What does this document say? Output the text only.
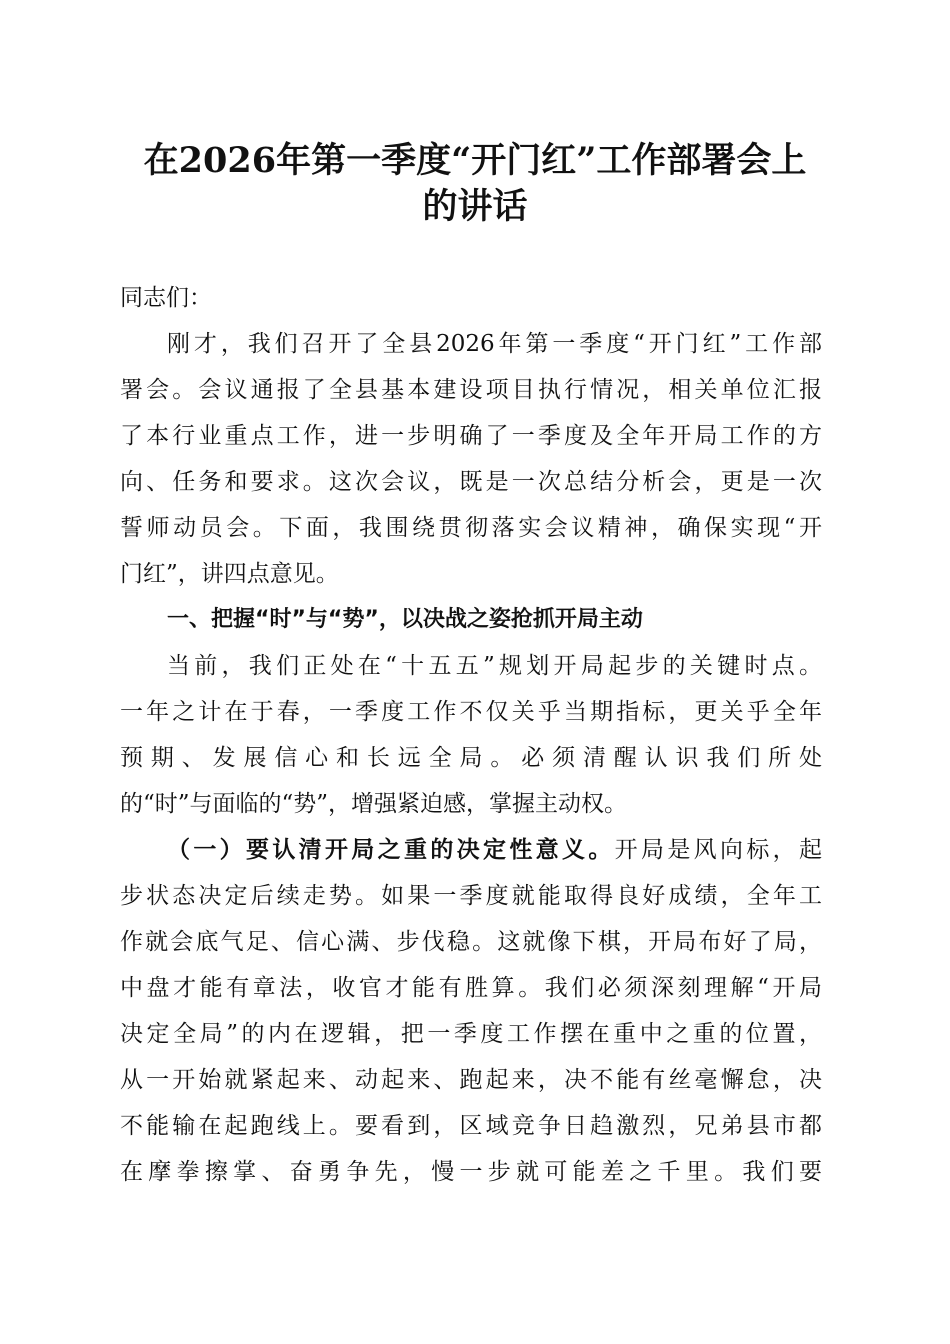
在2026年第一季度“开门红”工作部署会上
的讲话

同志们：

刚才，我们召开了全县2026年第一季度“开门红”工作部

署会。会议通报了全县基本建设项目执行情况，相关单位汇报

了本行业重点工作，进一步明确了一季度及全年开局工作的方

向、任务和要求。这次会议，既是一次总结分析会，更是一次

誓师动员会。下面，我围绕贯彻落实会议精神，确保实现“开

门红”，讲四点意见。

一、把握“时”与“势”，以决战之姿抢抓开局主动

当前，我们正处在“十五五”规划开局起步的关键时点。

一年之计在于春，一季度工作不仅关乎当期指标，更关乎全年

预期、发展信心和长远全局。必须清醒认识我们所处

的“时”与面临的“势”，增强紧迫感，掌握主动权。

（一）要认清开局之重的决定性意义。开局是风向标，起

步状态决定后续走势。如果一季度就能取得良好成绩，全年工

作就会底气足、信心满、步伐稳。这就像下棋，开局布好了局，

中盘才能有章法，收官才能有胜算。我们必须深刻理解“开局

决定全局”的内在逻辑，把一季度工作摆在重中之重的位置，

从一开始就紧起来、动起来、跑起来，决不能有丝毫懈怠，决

不能输在起跑线上。要看到，区域竞争日趋激烈，兄弟县市都

在摩拳擦掌、奋勇争先，慢一步就可能差之千里。我们要
